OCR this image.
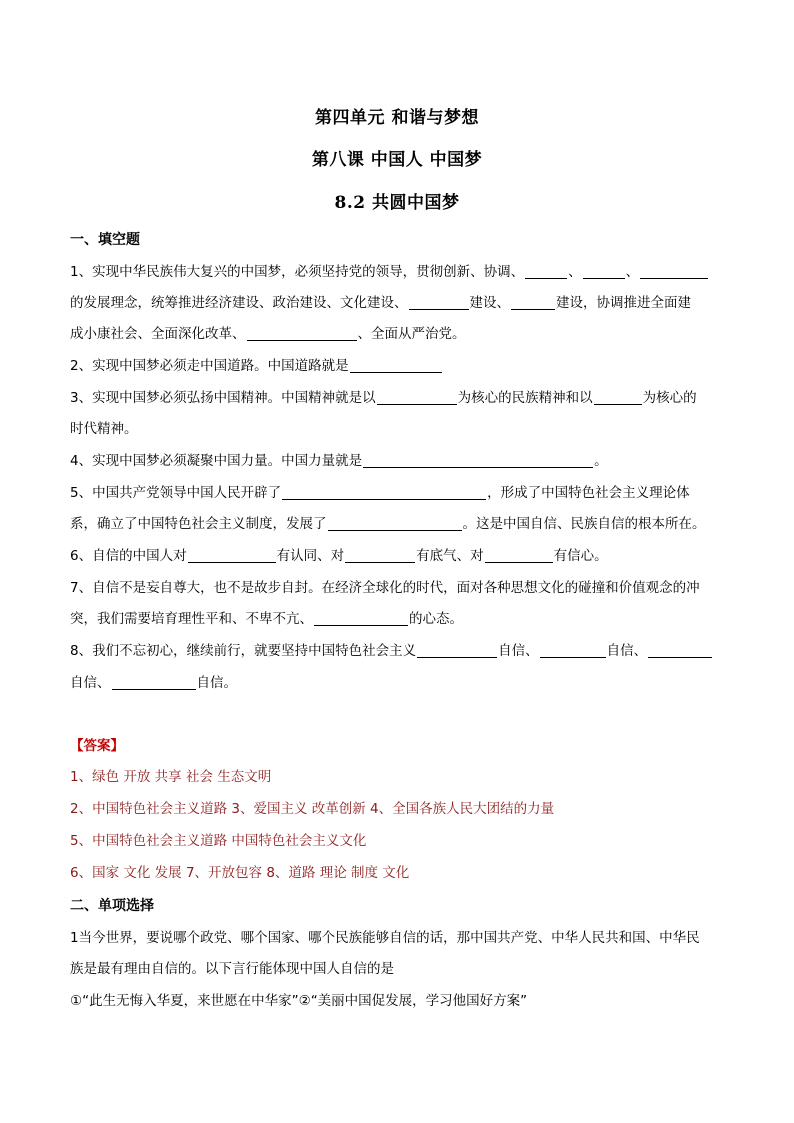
第四单元 和谐与梦想
第八课 中国人 中国梦
8.2 共圆中国梦
一、填空题
1、实现中华民族伟大复兴的中国梦，必须坚持党的领导，贯彻创新、协调、	、	、
的发展理念，统筹推进经济建设、政治建设、文化建设、	建设、	建设，协调推进全面建
成小康社会、全面深化改革、	、全面从严治党。
2、实现中国梦必须走中国道路。中国道路就是
3、实现中国梦必须弘扬中国精神。中国精神就是以	为核心的民族精神和以	为核心的
时代精神。
4、实现中国梦必须凝聚中国力量。中国力量就是	。
5、中国共产党领导中国人民开辟了	，形成了中国特色社会主义理论体
系，确立了中国特色社会主义制度，发展了	。这是中国自信、民族自信的根本所在。
6、自信的中国人对	有认同、对	有底气、对	有信心。
7、自信不是妄自尊大，也不是故步自封。在经济全球化的时代，面对各种思想文化的碰撞和价值观念的冲
突，我们需要培育理性平和、不卑不亢、	的心态。
8、我们不忘初心，继续前行，就要坚持中国特色社会主义	自信、	自信、
自信、	自信。
【答案】
1、绿色 开放 共享 社会 生态文明
2、中国特色社会主义道路 3、爱国主义 改革创新 4、全国各族人民大团结的力量
5、中国特色社会主义道路 中国特色社会主义文化
6、国家 文化 发展 7、开放包容 8、道路 理论 制度 文化
二、单项选择
1当今世界，要说哪个政党、哪个国家、哪个民族能够自信的话，那中国共产党、中华人民共和国、中华民
族是最有理由自信的。以下言行能体现中国人自信的是
①“此生无悔入华夏，来世愿在中华家”②“美丽中国促发展，学习他国好方案”
